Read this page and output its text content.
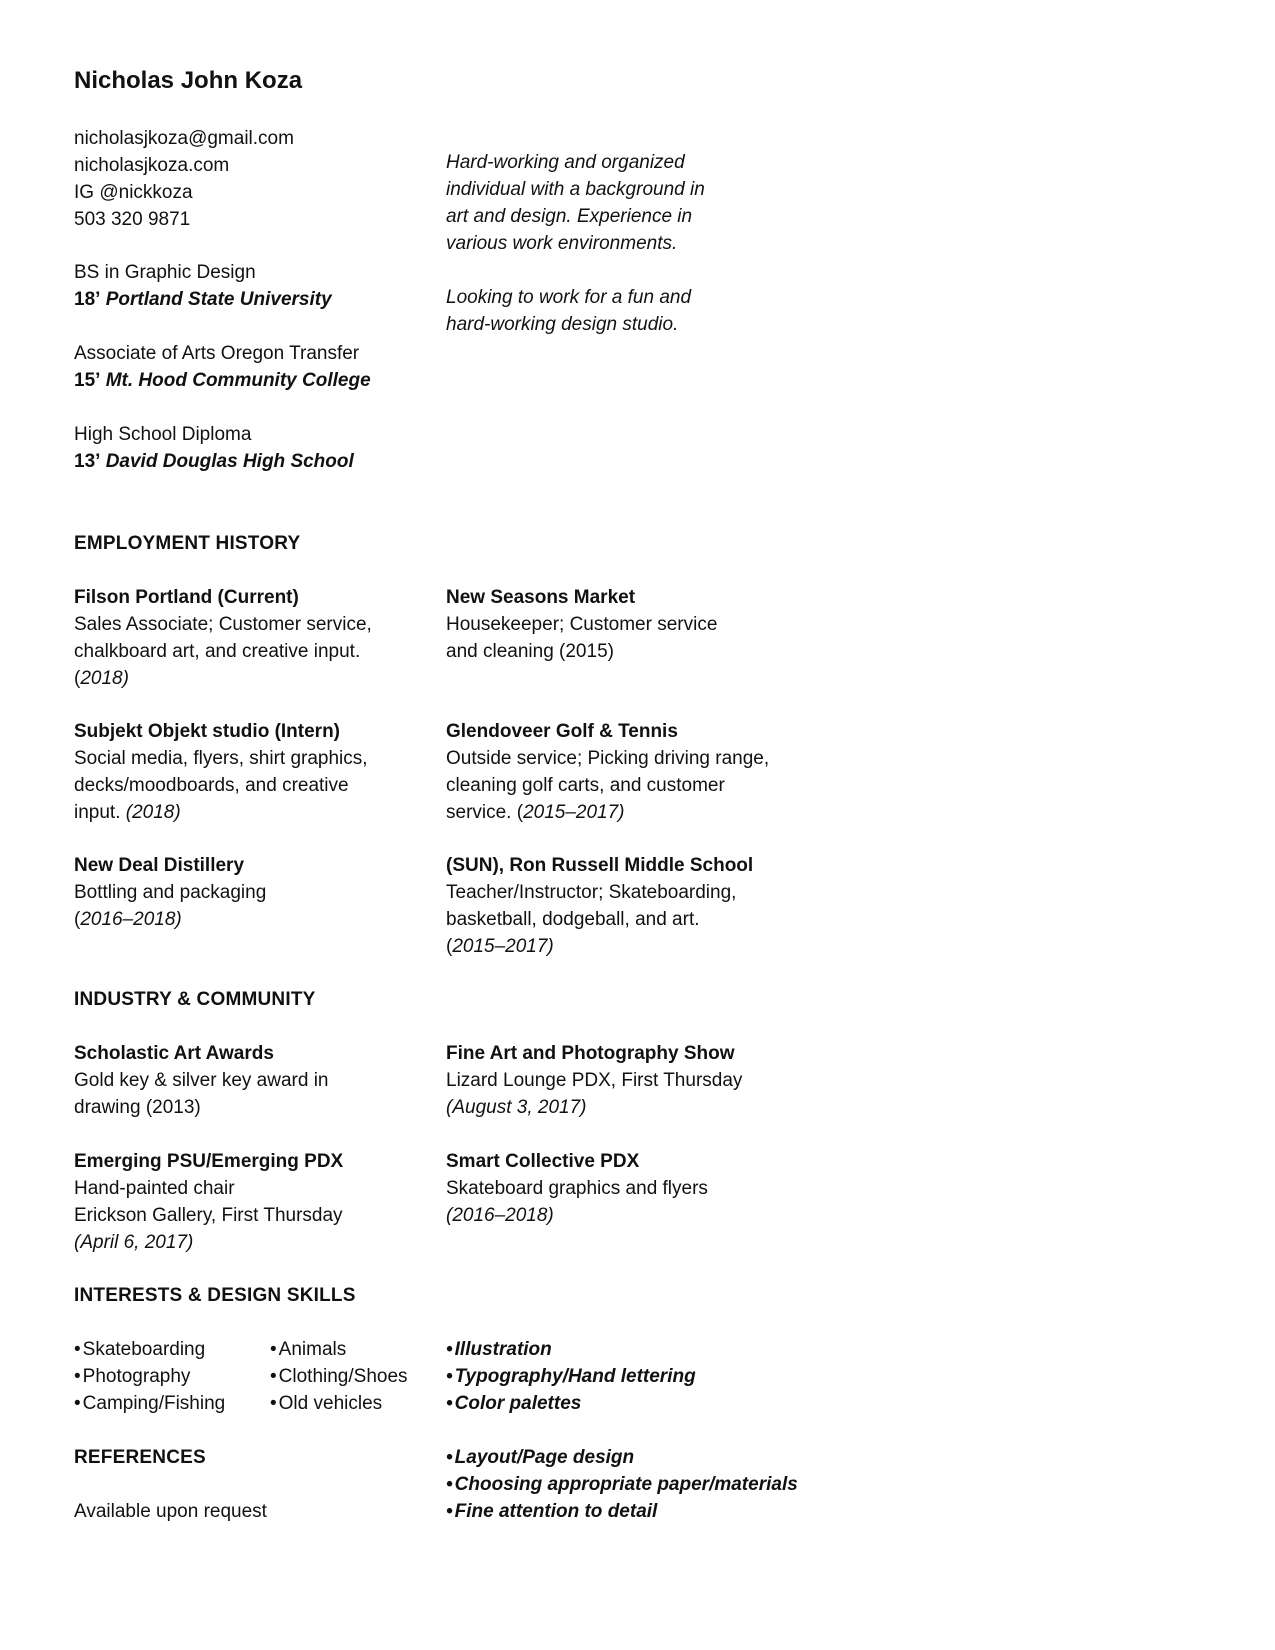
Nicholas John Koza
nicholasjkoza@gmail.com
nicholasjkoza.com
IG @nickkoza
503 320 9871
Hard-working and organized
individual with a background in
art and design. Experience in
various work environments.
Looking to work for a fun and
hard-working design studio.
BS in Graphic Design
18’ Portland State University
Associate of Arts Oregon Transfer
15’ Mt. Hood Community College
High School Diploma
13’ David Douglas High School
EMPLOYMENT HISTORY
Filson Portland (Current)
Sales Associate; Customer service,
chalkboard art, and creative input.
(2018)
Subjekt Objekt studio (Intern)
Social media, flyers, shirt graphics,
decks/moodboards, and creative
input. (2018)
New Deal Distillery
Bottling and packaging
(2016–2018)
New Seasons Market
Housekeeper; Customer service
and cleaning (2015)
Glendoveer Golf & Tennis
Outside service; Picking driving range,
cleaning golf carts, and customer
service. (2015–2017)
(SUN), Ron Russell Middle School
Teacher/Instructor; Skateboarding,
basketball, dodgeball, and art.
(2015–2017)
INDUSTRY & COMMUNITY
Scholastic Art Awards
Gold key & silver key award in
drawing (2013)
Emerging PSU/Emerging PDX
Hand-painted chair
Erickson Gallery, First Thursday
(April 6, 2017)
Fine Art and Photography Show
Lizard Lounge PDX, First Thursday
(August 3, 2017)
Smart Collective PDX
Skateboard graphics and flyers
(2016–2018)
INTERESTS & DESIGN SKILLS
• Skateboarding
• Photography
• Camping/Fishing
• Animals
• Clothing/Shoes
• Old vehicles
• Illustration
• Typography/Hand lettering
• Color palettes
• Layout/Page design
• Choosing appropriate paper/materials
• Fine attention to detail
REFERENCES
Available upon request
